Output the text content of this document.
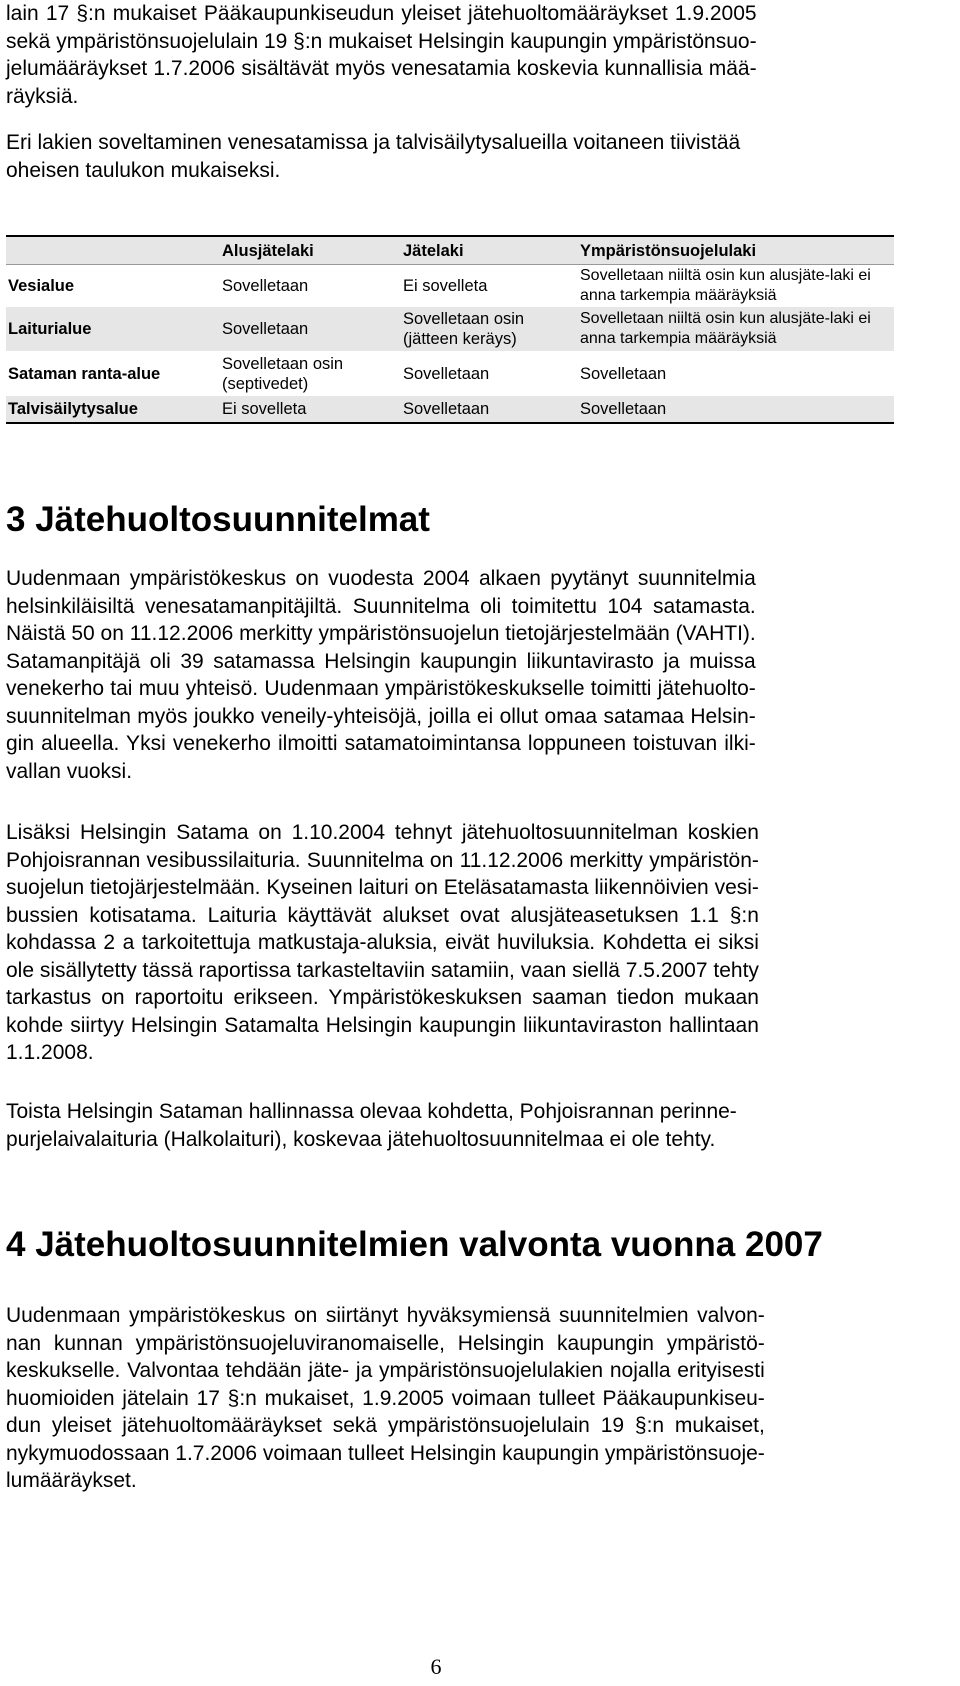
lain 17 §:n mukaiset Pääkaupunkiseudun yleiset jätehuoltomääräykset 1.9.2005
sekä ympäristönsuojelulain 19 §:n mukaiset Helsingin kaupungin ympäristönsuo-
jelumääräykset 1.7.2006 sisältävät myös venesatamia koskevia kunnallisia mää-
räyksiä.

Eri lakien soveltaminen venesatamissa ja talvisäilytysalueilla voitaneen tiivistää
oheisen taulukon mukaiseksi.

	Alusjätelaki	Jätelaki	Ympäristönsuojelulaki
Vesialue	Sovelletaan	Ei sovelleta	Sovelletaan niiltä osin kun alusjäte-laki ei anna tarkempia määräyksiä
Laiturialue	Sovelletaan	Sovelletaan osin (jätteen keräys)	Sovelletaan niiltä osin kun alusjäte-laki ei anna tarkempia määräyksiä
Sataman ranta-alue	Sovelletaan osin (septivedet)	Sovelletaan	Sovelletaan
Talvisäilytysalue	Ei sovelleta	Sovelletaan	Sovelletaan
3 Jätehuoltosuunnitelmat

Uudenmaan ympäristökeskus on vuodesta 2004 alkaen pyytänyt suunnitelmia
helsinkiläisiltä venesatamanpitäjiltä. Suunnitelma oli toimitettu 104 satamasta.
Näistä 50 on 11.12.2006 merkitty ympäristönsuojelun tietojärjestelmään (VAHTI).
Satamanpitäjä oli 39 satamassa Helsingin kaupungin liikuntavirasto ja muissa
venekerho tai muu yhteisö. Uudenmaan ympäristökeskukselle toimitti jätehuolto-
suunnitelman myös joukko veneily-yhteisöjä, joilla ei ollut omaa satamaa Helsin-
gin alueella. Yksi venekerho ilmoitti satamatoimintansa loppuneen toistuvan ilki-
vallan vuoksi.

Lisäksi Helsingin Satama on 1.10.2004 tehnyt jätehuoltosuunnitelman koskien
Pohjoisrannan vesibussilaituria. Suunnitelma on 11.12.2006 merkitty ympäristön-
suojelun tietojärjestelmään. Kyseinen laituri on Eteläsatamasta liikennöivien vesi-
bussien kotisatama. Laituria käyttävät alukset ovat alusjäteasetuksen 1.1 §:n
kohdassa 2 a tarkoitettuja matkustaja-aluksia, eivät huviluksia. Kohdetta ei siksi
ole sisällytetty tässä raportissa tarkasteltaviin satamiin, vaan siellä 7.5.2007 tehty
tarkastus on raportoitu erikseen. Ympäristökeskuksen saaman tiedon mukaan
kohde siirtyy Helsingin Satamalta Helsingin kaupungin liikuntaviraston hallintaan
1.1.2008.

Toista Helsingin Sataman hallinnassa olevaa kohdetta, Pohjoisrannan perinne-
purjelaivalaituria (Halkolaituri), koskevaa jätehuoltosuunnitelmaa ei ole tehty.

4 Jätehuoltosuunnitelmien valvonta vuonna 2007

Uudenmaan ympäristökeskus on siirtänyt hyväksymiensä suunnitelmien valvon-
nan kunnan ympäristönsuojeluviranomaiselle, Helsingin kaupungin ympäristö-
keskukselle. Valvontaa tehdään jäte- ja ympäristönsuojelulakien nojalla erityisesti
huomioiden jätelain 17 §:n mukaiset, 1.9.2005 voimaan tulleet Pääkaupunkiseu-
dun yleiset jätehuoltomääräykset sekä ympäristönsuojelulain 19 §:n mukaiset,
nykymuodossaan 1.7.2006 voimaan tulleet Helsingin kaupungin ympäristönsuoje-
lumääräykset.

6
